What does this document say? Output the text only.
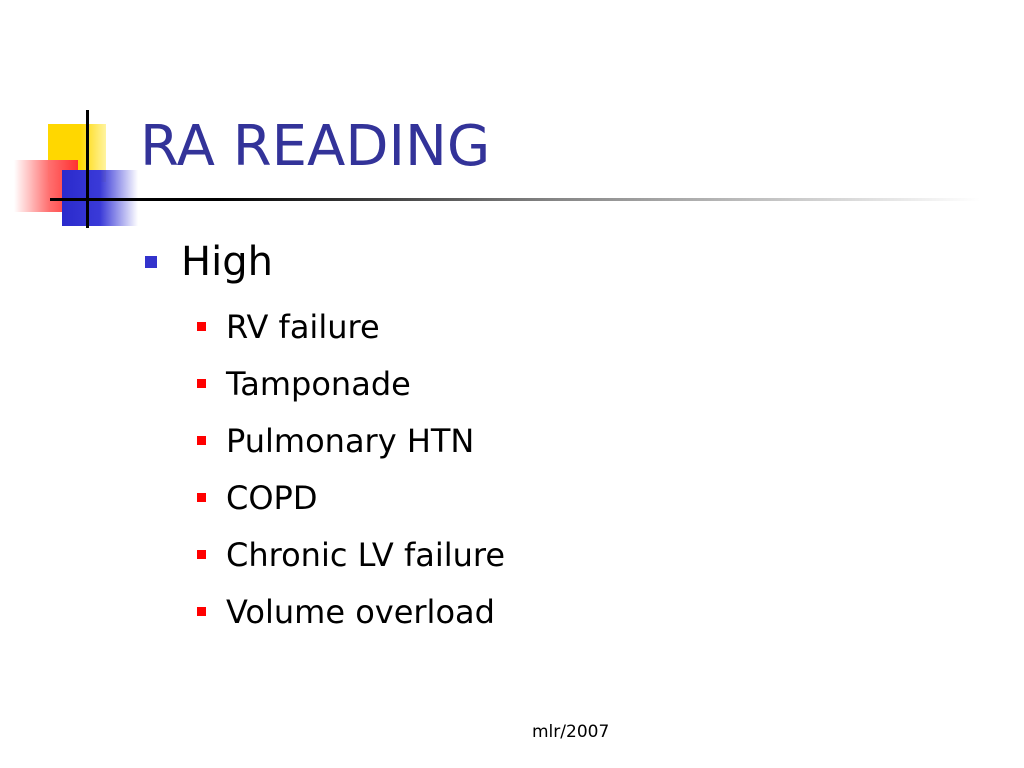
RA READING
High
RV failure
Tamponade
Pulmonary HTN
COPD
Chronic LV failure
Volume overload
mlr/2007
